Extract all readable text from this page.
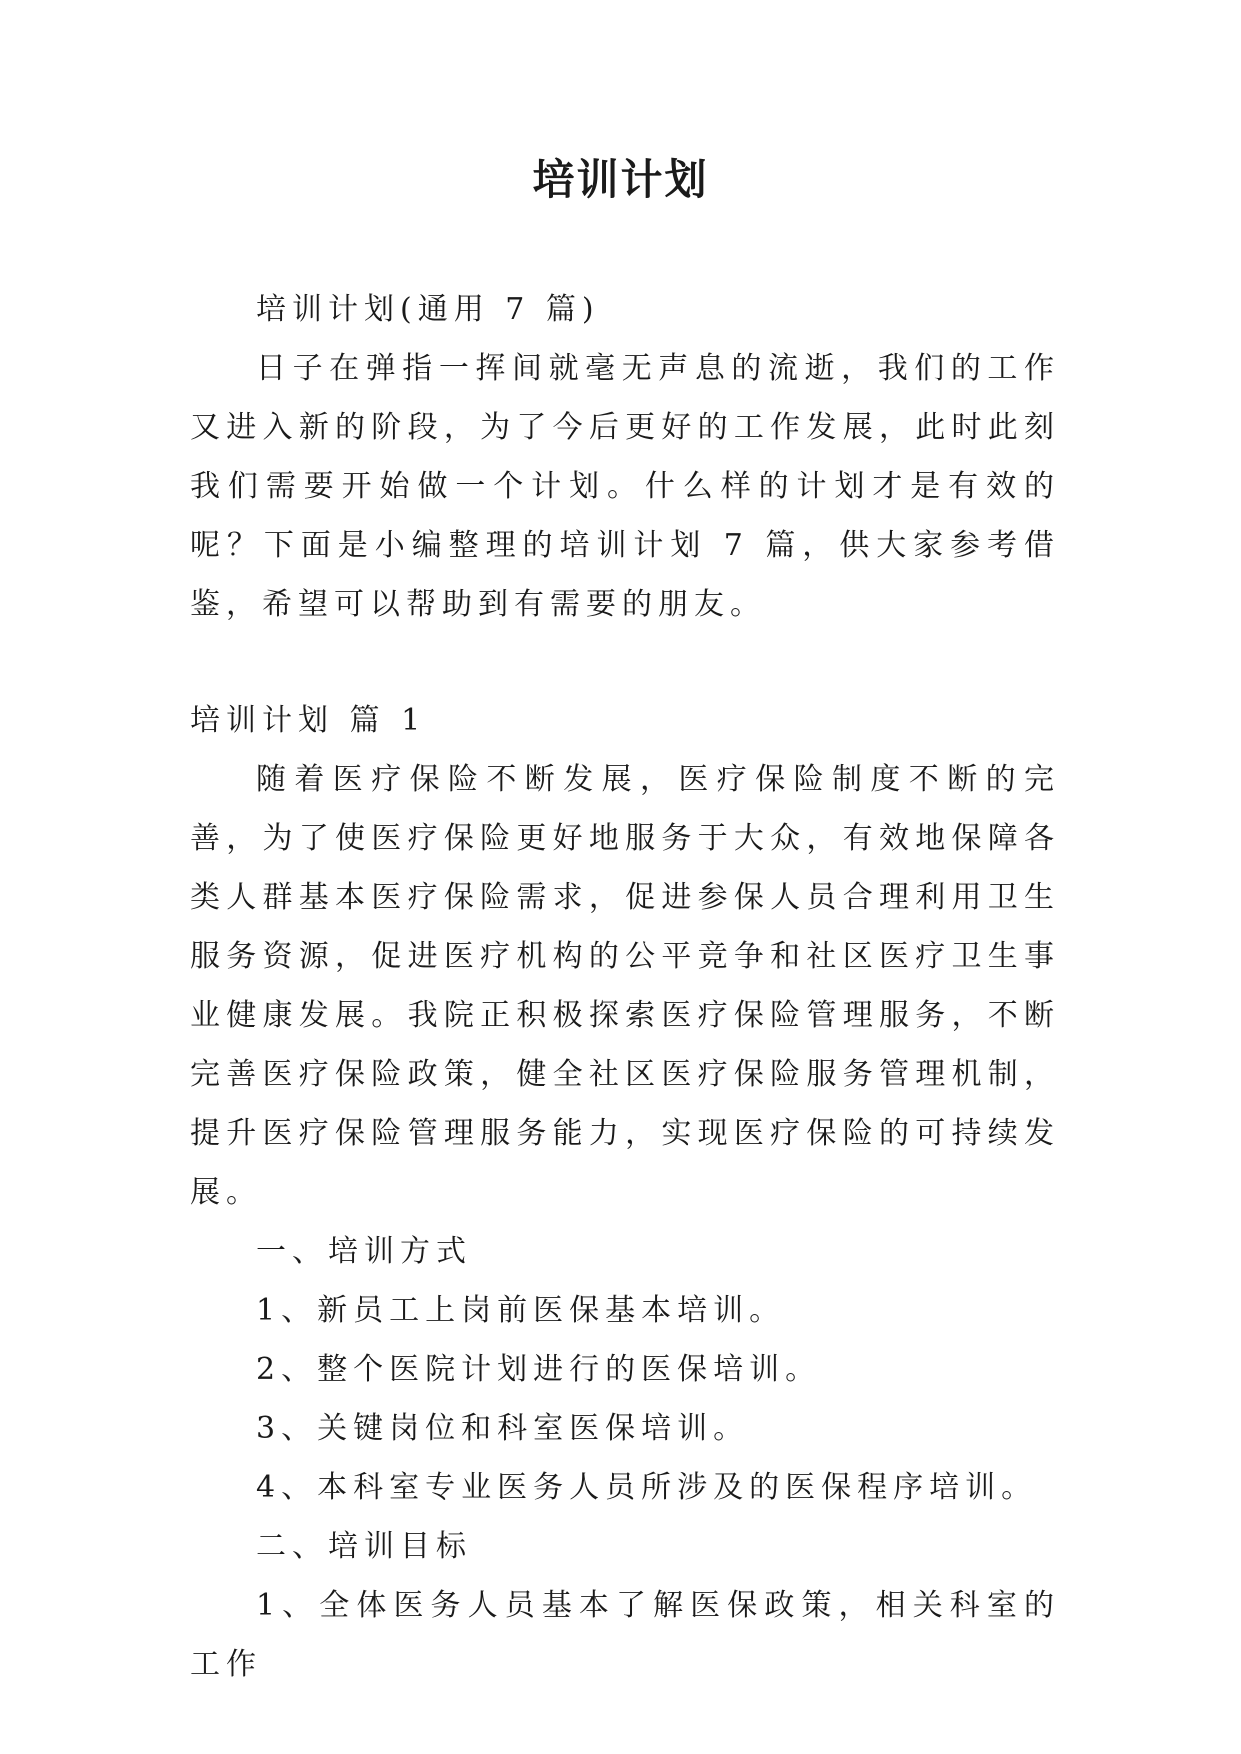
培训计划

培训计划(通用 7 篇)

日子在弹指一挥间就毫无声息的流逝，我们的工作又进入新的阶段，为了今后更好的工作发展，此时此刻我们需要开始做一个计划。什么样的计划才是有效的呢？下面是小编整理的培训计划 7 篇，供大家参考借鉴，希望可以帮助到有需要的朋友。

培训计划 篇 1

随着医疗保险不断发展，医疗保险制度不断的完善，为了使医疗保险更好地服务于大众，有效地保障各类人群基本医疗保险需求，促进参保人员合理利用卫生服务资源，促进医疗机构的公平竞争和社区医疗卫生事业健康发展。我院正积极探索医疗保险管理服务，不断完善医疗保险政策，健全社区医疗保险服务管理机制，提升医疗保险管理服务能力，实现医疗保险的可持续发展。

一、培训方式

1、新员工上岗前医保基本培训。

2、整个医院计划进行的医保培训。

3、关键岗位和科室医保培训。

4、本科室专业医务人员所涉及的医保程序培训。

二、培训目标

1、全体医务人员基本了解医保政策，相关科室的工作
